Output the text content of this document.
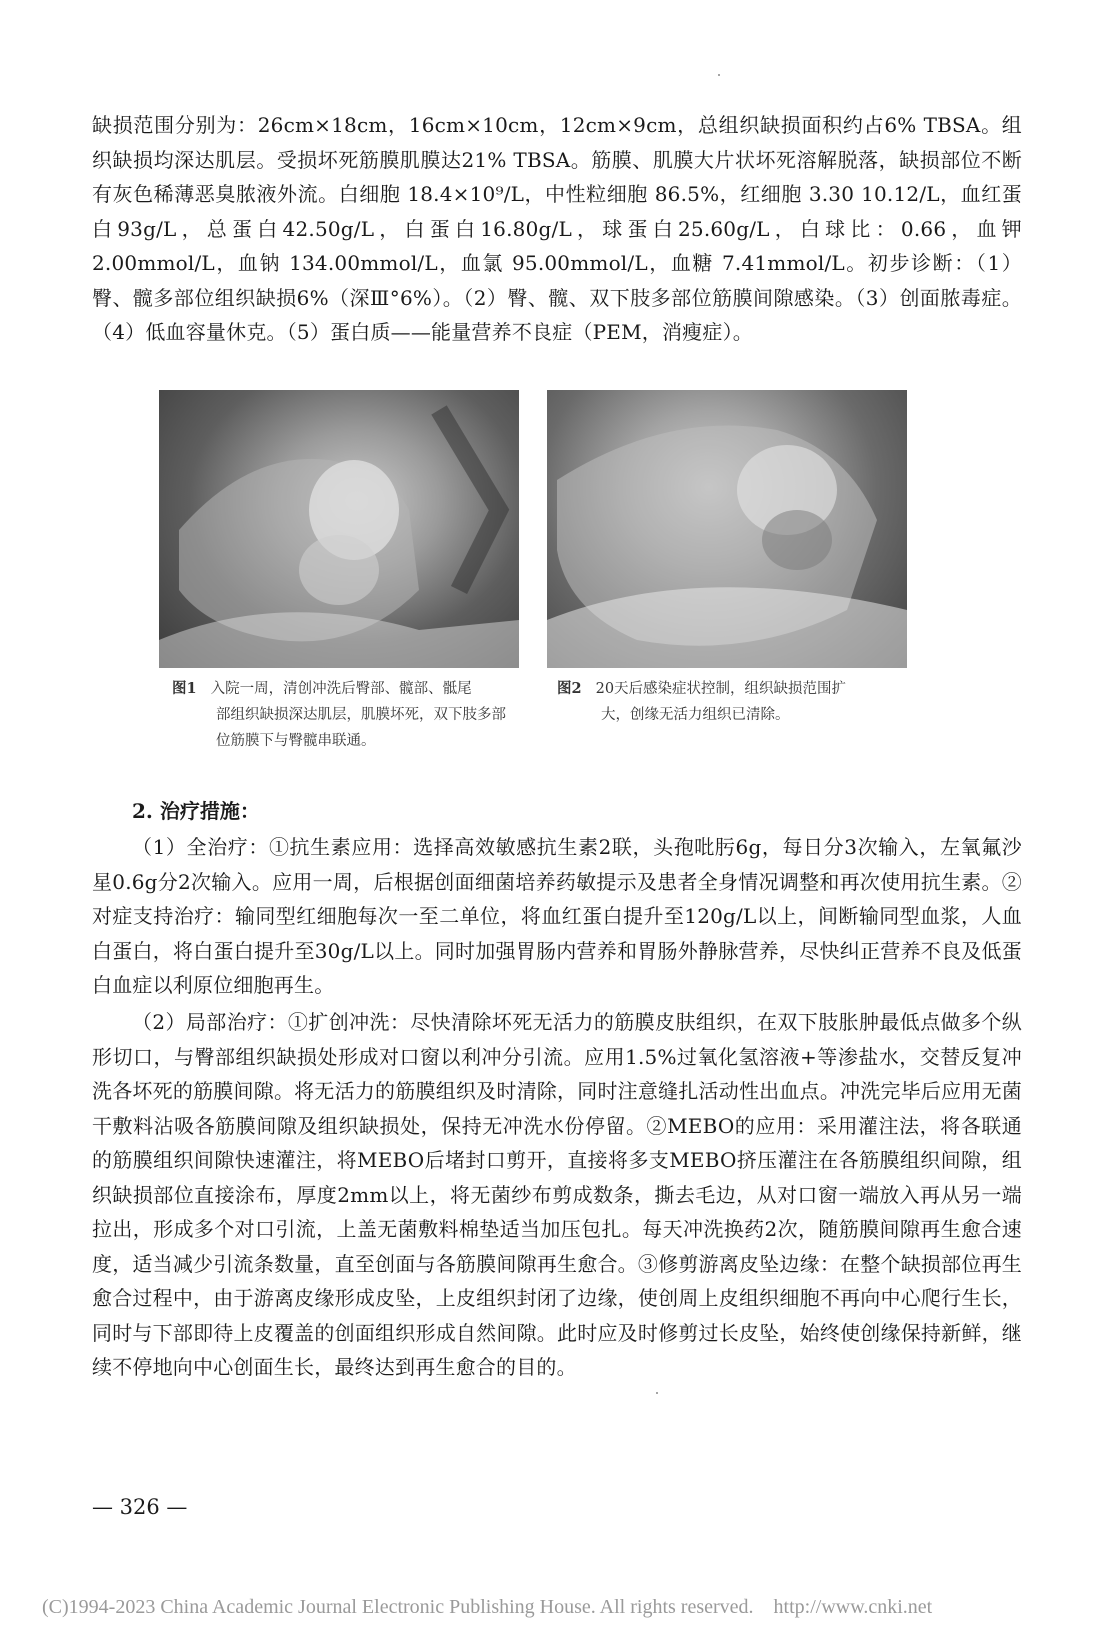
缺损范围分别为：26cm×18cm，16cm×10cm，12cm×9cm，总组织缺损面积约占6% TBSA。组织缺损均深达肌层。受损坏死筋膜肌膜达21% TBSA。筋膜、肌膜大片状坏死溶解脱落，缺损部位不断有灰色稀薄恶臭脓液外流。白细胞 18.4×10⁹/L，中性粒细胞 86.5%，红细胞 3.30 10.12/L，血红蛋白93g/L，总蛋白42.50g/L，白蛋白16.80g/L，球蛋白25.60g/L，白球比：0.66，血钾 2.00mmol/L，血钠 134.00mmol/L，血氯 95.00mmol/L，血糖 7.41mmol/L。初步诊断：（1）臀、髋多部位组织缺损6%（深Ⅲ°6%）。（2）臀、髋、双下肢多部位筋膜间隙感染。（3）创面脓毒症。（4）低血容量休克。（5）蛋白质——能量营养不良症（PEM，消瘦症）。

图1 入院一周，清创冲洗后臀部、髋部、骶尾
部组织缺损深达肌层，肌膜坏死，双下肢多部位筋膜下与臀髋串联通。

图2 20天后感染症状控制，组织缺损范围扩
大，创缘无活力组织已清除。

2. 治疗措施：

（1）全治疗：①抗生素应用：选择高效敏感抗生素2联，头孢吡肟6g，每日分3次输入，左氧氟沙星0.6g分2次输入。应用一周，后根据创面细菌培养药敏提示及患者全身情况调整和再次使用抗生素。② 对症支持治疗：输同型红细胞每次一至二单位，将血红蛋白提升至120g/L以上，间断输同型血浆，人血白蛋白，将白蛋白提升至30g/L以上。同时加强胃肠内营养和胃肠外静脉营养，尽快纠正营养不良及低蛋白血症以利原位细胞再生。

（2）局部治疗：①扩创冲洗：尽快清除坏死无活力的筋膜皮肤组织，在双下肢胀肿最低点做多个纵形切口，与臀部组织缺损处形成对口窗以利冲分引流。应用1.5%过氧化氢溶液+等渗盐水，交替反复冲洗各坏死的筋膜间隙。将无活力的筋膜组织及时清除，同时注意缝扎活动性出血点。冲洗完毕后应用无菌干敷料沾吸各筋膜间隙及组织缺损处，保持无冲洗水份停留。②MEBO的应用：采用灌注法，将各联通的筋膜组织间隙快速灌注，将MEBO后堵封口剪开，直接将多支MEBO挤压灌注在各筋膜组织间隙，组织缺损部位直接涂布，厚度2mm以上，将无菌纱布剪成数条，撕去毛边，从对口窗一端放入再从另一端拉出，形成多个对口引流，上盖无菌敷料棉垫适当加压包扎。每天冲洗换药2次，随筋膜间隙再生愈合速度，适当减少引流条数量，直至创面与各筋膜间隙再生愈合。③修剪游离皮坠边缘：在整个缺损部位再生愈合过程中，由于游离皮缘形成皮坠，上皮组织封闭了边缘，使创周上皮组织细胞不再向中心爬行生长，同时与下部即待上皮覆盖的创面组织形成自然间隙。此时应及时修剪过长皮坠，始终使创缘保持新鲜，继续不停地向中心创面生长，最终达到再生愈合的目的。

— 326 —

(C)1994-2023 China Academic Journal Electronic Publishing House. All rights reserved.    http://www.cnki.net
